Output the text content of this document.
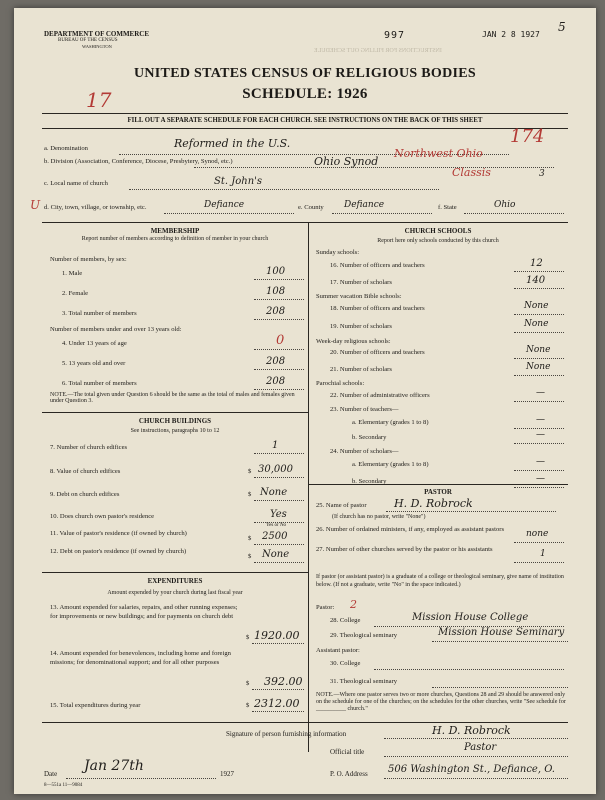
DEPARTMENT OF COMMERCE
BUREAU OF THE CENSUS
WASHINGTON
INSTRUCTIONS FOR FILLING OUT SCHEDULE
997	JAN 2 8 1927
5
UNITED STATES CENSUS OF RELIGIOUS BODIES
SCHEDULE: 1926
17
FILL OUT A SEPARATE SCHEDULE FOR EACH CHURCH. SEE INSTRUCTIONS ON THE BACK OF THIS SHEET
174
a. Denomination	Reformed in the U.S.
b. Division (Association, Conference, Diocese, Presbytery, Synod, etc.)	Ohio Synod
Northwest Ohio
Classis	3
c. Local name of church	St. John's
U d. City, town, village, or township, etc.	Defiance	e. County Defiance	f. State	Ohio
MEMBERSHIP
Report number of members according to definition of member in your church
Number of members, by sex:
1. Male	100
2. Female	108
3. Total number of members	208
Number of members under and over 13 years old:
4. Under 13 years of age	0
5. 13 years old and over	208
6. Total number of members	208
NOTE.—The total given under Question 6 should be the same as the total of males and females given under Question 3.
CHURCH BUILDINGS
See instructions, paragraphs 10 to 12
7. Number of church edifices	1
8. Value of church edifices	$ 30,000
9. Debt on church edifices	$ None
10. Does church own pastor's residence	Yes
Yes or No
11. Value of pastor's residence (if owned by church)
$ 2500
12. Debt on pastor's residence (if owned by church)
$ None
EXPENDITURES
Amount expended by your church during last fiscal year
13. Amount expended for salaries, repairs, and other running expenses; for improvements or new buildings; and for payments on church debt
$ 1920.00
14. Amount expended for benevolences, including home and foreign missions; for denominational support; and for all other purposes
$ 392.00
15. Total expenditures during year	$ 2312.00
CHURCH SCHOOLS
Report here only schools conducted by this church
Sunday schools:
16. Number of officers and teachers	12
17. Number of scholars	140
Summer vacation Bible schools:
18. Number of officers and teachers	None
19. Number of scholars	None
Week-day religious schools:
20. Number of officers and teachers	None
21. Number of scholars	None
Parochial schools:
22. Number of administrative officers	—
23. Number of teachers—
a. Elementary (grades 1 to 8)	—
b. Secondary	—
24. Number of scholars—
a. Elementary (grades 1 to 8)	—
b. Secondary	—
PASTOR
25. Name of pastor H. D. Robrock
(If church has no pastor, write "None")
26. Number of ordained ministers, if any, employed as assistant pastors	none
27. Number of other churches served by the pastor or his assistants	1
If pastor (or assistant pastor) is a graduate of a college or theological seminary, give name of institution below. (If not a graduate, write "No" in the space indicated.)
Pastor: 2
28. College	Mission House College
29. Theological seminary	Mission House Seminary
Assistant pastor:
30. College
31. Theological seminary
NOTE.—Where one pastor serves two or more churches, Questions 28 and 29 should be answered only on the schedule for one of the churches; on the schedules for the other churches, write "See schedule for __________ church."
Signature of person furnishing information	H. D. Robrock
Official title	Pastor
Date Jan 27th	1927	P. O. Address 506 Washington St., Defiance, O.
8—551a 11—9084
